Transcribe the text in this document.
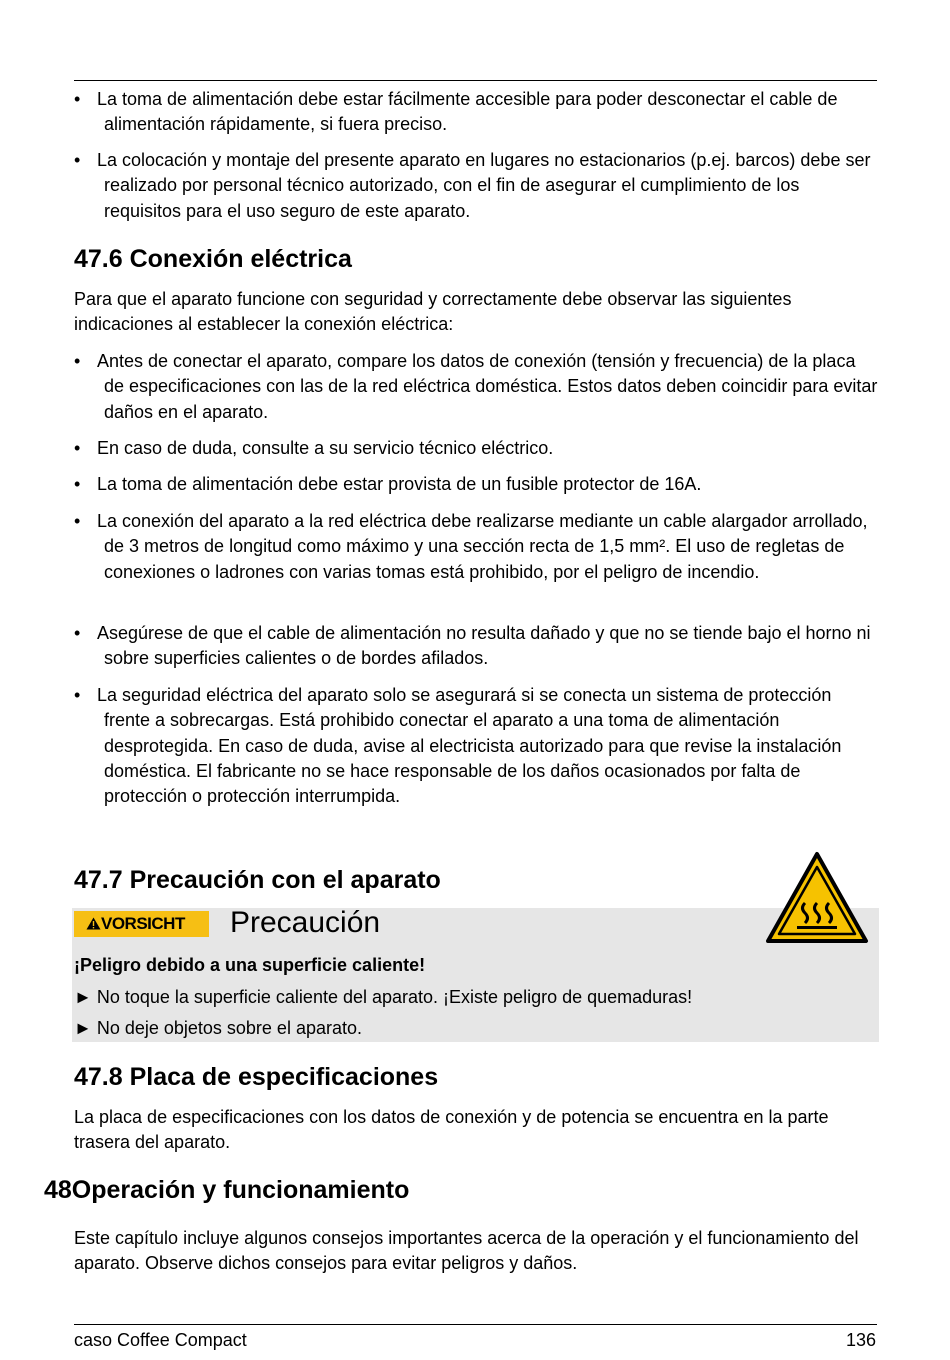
• La toma de alimentación debe estar fácilmente accesible para poder desconectar el cable de alimentación rápidamente, si fuera preciso.
• La colocación y montaje del presente aparato en lugares no estacionarios (p.ej. barcos) debe ser realizado por personal técnico autorizado, con el fin de asegurar el cumplimiento de los requisitos para el uso seguro de este aparato.
47.6 Conexión eléctrica
Para que el aparato funcione con seguridad y correctamente debe observar las siguientes indicaciones al establecer la conexión eléctrica:
• Antes de conectar el aparato, compare los datos de conexión (tensión y frecuencia) de la placa de especificaciones con las de la red eléctrica doméstica. Estos datos deben coincidir para evitar daños en el aparato.
• En caso de duda, consulte a su servicio técnico eléctrico.
• La toma de alimentación debe estar provista de un fusible protector de 16A.
• La conexión del aparato a la red eléctrica debe realizarse mediante un cable alargador arrollado, de 3 metros de longitud como máximo y una sección recta de 1,5 mm². El uso de regletas de conexiones o ladrones con varias tomas está prohibido, por el peligro de incendio.
• Asegúrese de que el cable de alimentación no resulta dañado y que no se tiende bajo el horno ni sobre superficies calientes o de bordes afilados.
• La seguridad eléctrica del aparato solo se asegurará si se conecta un sistema de protección frente a sobrecargas. Está prohibido conectar el aparato a una toma de alimentación desprotegida. En caso de duda, avise al electricista autorizado para que revise la instalación doméstica. El fabricante no se hace responsable de los daños ocasionados por falta de protección o protección interrumpida.
47.7 Precaución con el aparato
VORSICHT	Precaución
¡Peligro debido a una superficie caliente!
► No toque la superficie caliente del aparato. ¡Existe peligro de quemaduras!
► No deje objetos sobre el aparato.
47.8 Placa de especificaciones
La placa de especificaciones con los datos de conexión y de potencia se encuentra en la parte trasera del aparato.
48Operación y funcionamiento
Este capítulo incluye algunos consejos importantes acerca de la operación y el funcionamiento del aparato. Observe dichos consejos para evitar peligros y daños.
caso Coffee Compact	136
